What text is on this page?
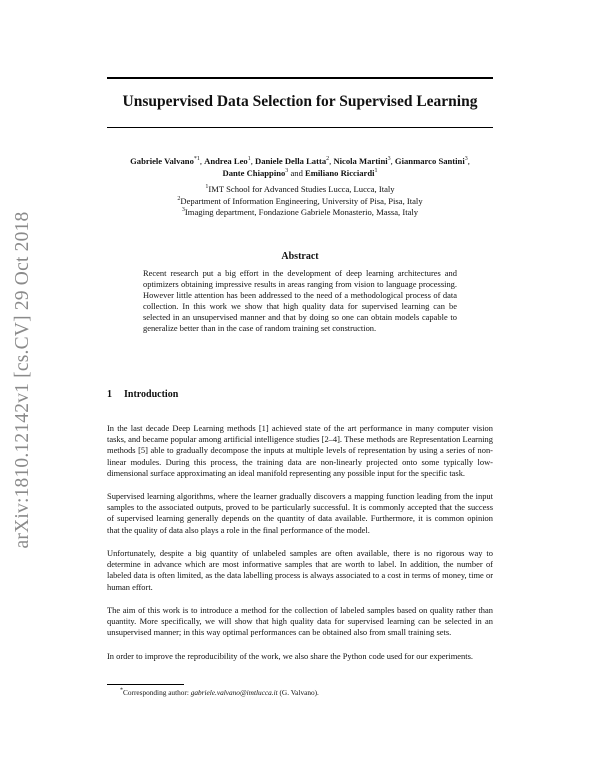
arXiv:1810.12142v1 [cs.CV] 29 Oct 2018
Unsupervised Data Selection for Supervised Learning

Gabriele Valvano$^{*1}$, Andrea Leo$^1$, Daniele Della Latta$^2$, Nicola Martini$^3$, Gianmarco Santini$^3$,
Dante Chiappino$^3$ and Emiliano Ricciardi$^1$

$^1$IMT School for Advanced Studies Lucca, Lucca, Italy
$^2$Department of Information Engineering, University of Pisa, Pisa, Italy
$^3$Imaging department, Fondazione Gabriele Monasterio, Massa, Italy

Abstract

Recent research put a big effort in the development of deep learning architectures and optimizers obtaining impressive results in areas ranging from vision to language processing. However little attention has been addressed to the need of a methodological process of data collection. In this work we show that high quality data for supervised learning can be selected in an unsupervised manner and that by doing so one can obtain models capable to generalize better than in the case of random training set construction.

1 Introduction

In the last decade Deep Learning methods [1] achieved state of the art performance in many computer vision tasks, and became popular among artificial intelligence studies [2–4]. These methods are Representation Learning methods [5] able to gradually decompose the inputs at multiple levels of representation by using a series of non-linear modules. During this process, the training data are non-linearly projected onto some typically low-dimensional surface approximating an ideal manifold representing any possible input for the specific task.

Supervised learning algorithms, where the learner gradually discovers a mapping function leading from the input samples to the associated outputs, proved to be particularly successful. It is commonly accepted that the success of supervised learning generally depends on the quantity of data available. Furthermore, it is common opinion that the quality of data also plays a role in the final performance of the model.

Unfortunately, despite a big quantity of unlabeled samples are often available, there is no rigorous way to determine in advance which are most informative samples that are worth to label. In addition, the number of labeled data is often limited, as the data labelling process is always associated to a cost in terms of money, time or human effort.

The aim of this work is to introduce a method for the collection of labeled samples based on quality rather than quantity. More specifically, we will show that high quality data for supervised learning can be selected in an unsupervised manner; in this way optimal performances can be obtained also from small training sets.

In order to improve the reproducibility of the work, we also share the Python code used for our experiments.

*Corresponding author: gabriele.valvano@imtlucca.it (G. Valvano).
